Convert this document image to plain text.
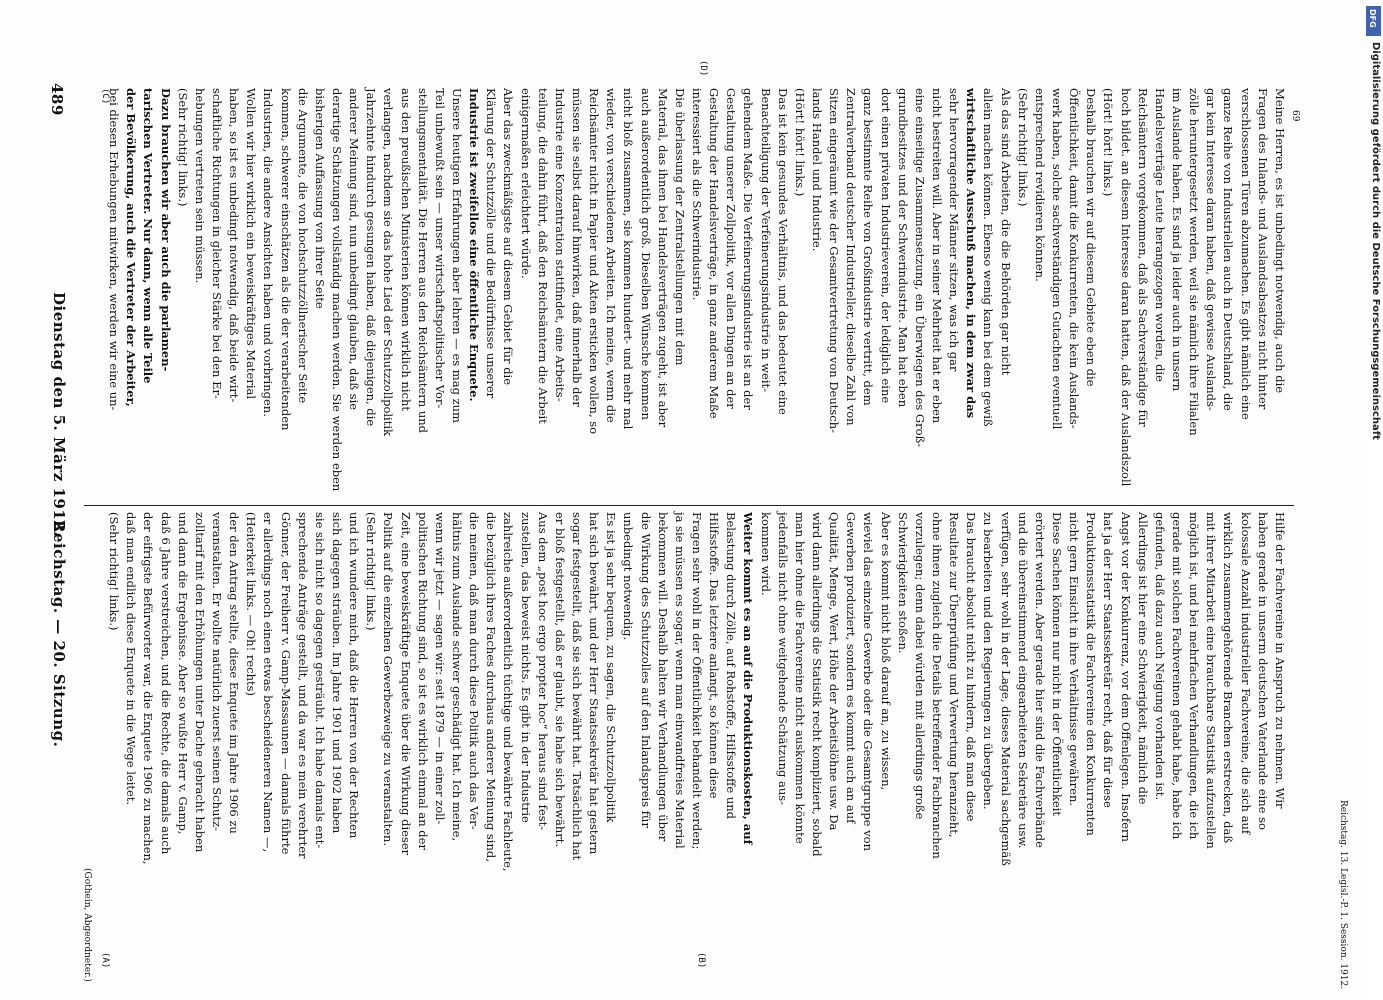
Reichstag. — 20. Sitzung.
Dienstag den 5. März 1912.
489
(Gothein, Abgeordneter.) (A)	(B)
(C)
(D)
Hilfe der Fachvereine in Anspruch zu nehmen. Wir
haben gerade in unserm deutschen Vaterlande eine so
kolossale Anzahl industrieller Fachvereine, die sich auf
wirklich zusammengehörende Branchen erstrecken, daß
mit ihrer Mitarbeit eine brauchbare Statistik aufzustellen
möglich ist, und bei mehrfachen Verhandlungen, die ich
gerade mit solchen Fachvereinen gehabt habe, habe ich
gefunden, daß dazu auch Neigung vorhanden ist.
Allerdings ist hier eine Schwierigkeit, nämlich die
Angst vor der Konkurrenz, vor dem Offenlegen. Insofern
hat ja der Herr Staatssekretär recht, daß für diese
Produktionsstatistik die Fachvereine den Konkurrenten
nicht gern Einsicht in ihre Verhältnisse gewähren.
Diese Sachen können nur nicht in der Öffentlichkeit
erörtert werden. Aber gerade hier sind die Fachverbände
und die übereinstimmend eingearbeiteten Sekretäre usw.
verfügen, sehr wohl in der Lage, dieses Material sachgemäß
zu bearbeiten und den Regierungen zu übergeben.
Das braucht absolut nicht zu hindern, daß man diese
Resultate zur Überprüfung und Verwertung heranzieht,
ohne ihnen zugleich die Details betreffender Fachbranchen
vorzulegen; denn dabei würden mit allerdings große
Schwierigkeiten stoßen.
Aber es kommt nicht bloß darauf an, zu wissen,
wieviel das einzelne Gewerbe oder die Gesamtgruppe von
Gewerben produziert, sondern es kommt auch an auf
Qualität, Menge, Wert, Höhe der Arbeitslöhne usw. Da
wird dann allerdings die Statistik recht kompliziert, sobald
man hier ohne die Fachvereine nicht auskommen könnte
jedenfalls nicht ohne weitgehende Schätzung aus-
kommen wird.
Weiter kommt es an auf die Produktionskosten, auf
Belastung durch Zölle, auf Rohstoffe, Hilfsstoffe und
Hilfsstoffe. Das letztere anlangt, so können diese
Fragen sehr wohl in der Öffentlichkeit behandelt werden;
ja sie müssen es sogar, wenn man einwandfreies Material
bekommen will. Deshalb halten wir Verhandlungen über
die Wirkung des Schutzzolles auf den Inlandspreis für
unbedingt notwendig.
Es ist ja sehr bequem, zu sagen, die Schutzzollpolitik
hat sich bewährt, und der Herr Staatssekretär hat gestern
sogar festgestellt, daß sie sich bewährt hat. Tatsächlich hat
er bloß festgestellt, daß er glaubt, sie habe sich bewährt.
Aus dem „post hoc ergo propter hoc“ heraus sind fest-
zustellen, das beweist nichts. Es gibt in der Industrie
zahlreiche außerordentlich tüchtige und bewährte Fachleute,
die bezüglich ihres Faches durchaus anderer Meinung sind,
die meinen, daß man durch diese Politik auch das Ver-
hältnis zum Auslande schwer geschädigt hat. Ich meine,
wenn wir jetzt — sagen wir: seit 1879 — in einer zoll-
politischen Richtung sind, so ist es wirklich einmal an der
Zeit, eine beweiskräftige Enquete über die Wirkung dieser
Politik auf die einzelnen Gewerbezweige zu veranstalten.
(Sehr richtig! links.)
und ich wundere mich, daß die Herren von der Rechten
sich dagegen sträuben. Im Jahre 1901 und 1902 haben
sie sich nicht so dagegen gesträubt. Ich habe damals ent-
sprechende Anträge gestellt, und da war es mein verehrter
Gönner, der Freiherr v. Gamp-Massaunen — damals führte
er allerdings noch einen etwas bescheideneren Namen —,
(Heiterkeit links. — Oh! rechts)
der den Antrag stellte, diese Enquete im Jahre 1906 zu
veranstalten. Er wollte natürlich zuerst seinen Schutz-
zolltarif mit den Erhöhungen unter Dache gebracht haben
und dann die Ergebnisse. Aber so wußte Herr v. Gamp,
daß 6 Jahre verstreichen, und die Rechte, die damals auch
der eifrigste Befürworter war, die Enquete 1906 zu machen,
daß man endlich diese Enquete in die Wege leitet.
(Sehr richtig! links.)
Meine Herren, es ist unbedingt notwendig, auch die
Fragen des Inlands- und Auslandsabsatzes nicht hinter
verschlossenen Türen abzumachen. Es gibt nämlich eine
ganze Reihe von Industriellen auch in Deutschland, die
gar kein Interesse daran haben, daß gewisse Auslands-
zölle heruntergesetzt werden, weil sie nämlich ihre Filialen
im Auslande haben. Es sind ja leider auch in unsern
Handelsverträge Leute herangezogen worden, die
Reichsämtern vorgekommen, daß als Sachverständige für
hoch bildet. an diesem Interesse daran hatten, daß der Auslandszoll
(Hört! hört! links.)
Deshalb brauchen wir auf diesem Gebiete eben die
Öffentlichkeit, damit die Konkurrenten, die kein Auslands-
werk haben, solche sachverständigen Gutachten eventuell
entsprechend revidieren können.
(Sehr richtig! links.)
Als das sind Arbeiten, die die Behörden gar nicht
allein machen können. Ebenso wenig kann bei dem gewiß
wirtschaftliche Ausschuß machen, in dem zwar das
sehr hervorragender Männer sitzen, was ich gar
nicht bestreiten will. Aber in seiner Mehrheit hat er eben
eine einseitige Zusammensetzung, ein Überwiegen des Groß-
grundbesitzes und der Schwerindustrie. Man hat eben
dort einen privaten Industrieverein, der lediglich eine
ganz bestimmte Reihe von Großindustrie vertritt, dem
Zentralverband deutscher Industrieller, dieselbe Zahl von
Sitzen eingeräumt wie der Gesamtvertretung von Deutsch-
lands Handel und Industrie.
(Hört! hört! links.)
Das ist kein gesundes Verhältnis, und das bedeutet eine
Benachteiligung der Verfeinerungsindustrie in weit-
gehendem Maße. Die Verfeinerungsindustrie ist an der
Gestaltung unserer Zollpolitik, vor allen Dingen an der
Gestaltung der Handelsverträge, in ganz anderem Maße
interessiert als die Schwerindustrie.
Die überlassung der Zentralstellungen mit dem
Material, das ihnen bei Handelsverträgen zugeht, ist aber
auch außerordentlich groß. Dieselben Wünsche kommen
nicht bloß zusammen, sie kommen hundert- und mehr mal
wieder, von verschiedenen Arbeiten. Ich meine, wenn die
Reichsämter nicht in Papier und Akten ersticken wollen, so
müssen sie selbst darauf hinwirken, daß innerhalb der
Industrie eine Konzentration stattfindet, eine Arbeits-
teilung, die dahin führt, daß den Reichsämtern die Arbeit
einigermaßen erleichtert würde.
Aber das zweckmäßigste auf diesem Gebiet für die
Klärung der Schutzzölle und die Bedürfnisse unserer
Industrie ist zweifellos eine öffentliche Enquete.
Unsere heutigen Erfahrungen aber lehren — es mag zum
Teil unbewußt sein — unser wirtschaftspolitischer Vor-
stellungsmentalität. Die Herren aus den Reichsämtern und
aus den preußischen Ministerien können wirklich nicht
verlangen, nachdem sie das hohe Lied der Schutzzollpolitik
Jahrzehnte hindurch gesungen haben, daß diejenigen, die
anderer Meinung sind, nun unbedingt glauben, daß sie
derartige Schätzungen vollständig machen werden. Sie werden eben
bisherigen Auffassung von ihrer Seite
die Argumente, die von hochschutzzöllnerischer Seite
kommen, schwerer einschätzen als die der verarbeitenden
Industrien, die andere Ansichten haben und vorbringen.
Wollen wir hier wirklich ein beweiskräftiges Material
haben, so ist es unbedingt notwendig, daß beide wirt-
schaftliche Richtungen in gleicher Stärke bei den Er-
hebungen vertreten sein müssen.
(Sehr richtig! links.)
Dazu brauchen wir aber auch die parlamen-
tarischen Vertreter. Nur dann, wenn alle Teile
der Bevölkerung, auch die Vertreter der Arbeiter,
bei diesen Erhebungen mitwirken, werden wir eine un-
Reichstag. 13. Legisl.-P. 1. Session. 1912.
69
DFG
Digitalisierung gefördert durch die Deutsche Forschungsgemeinschaft
